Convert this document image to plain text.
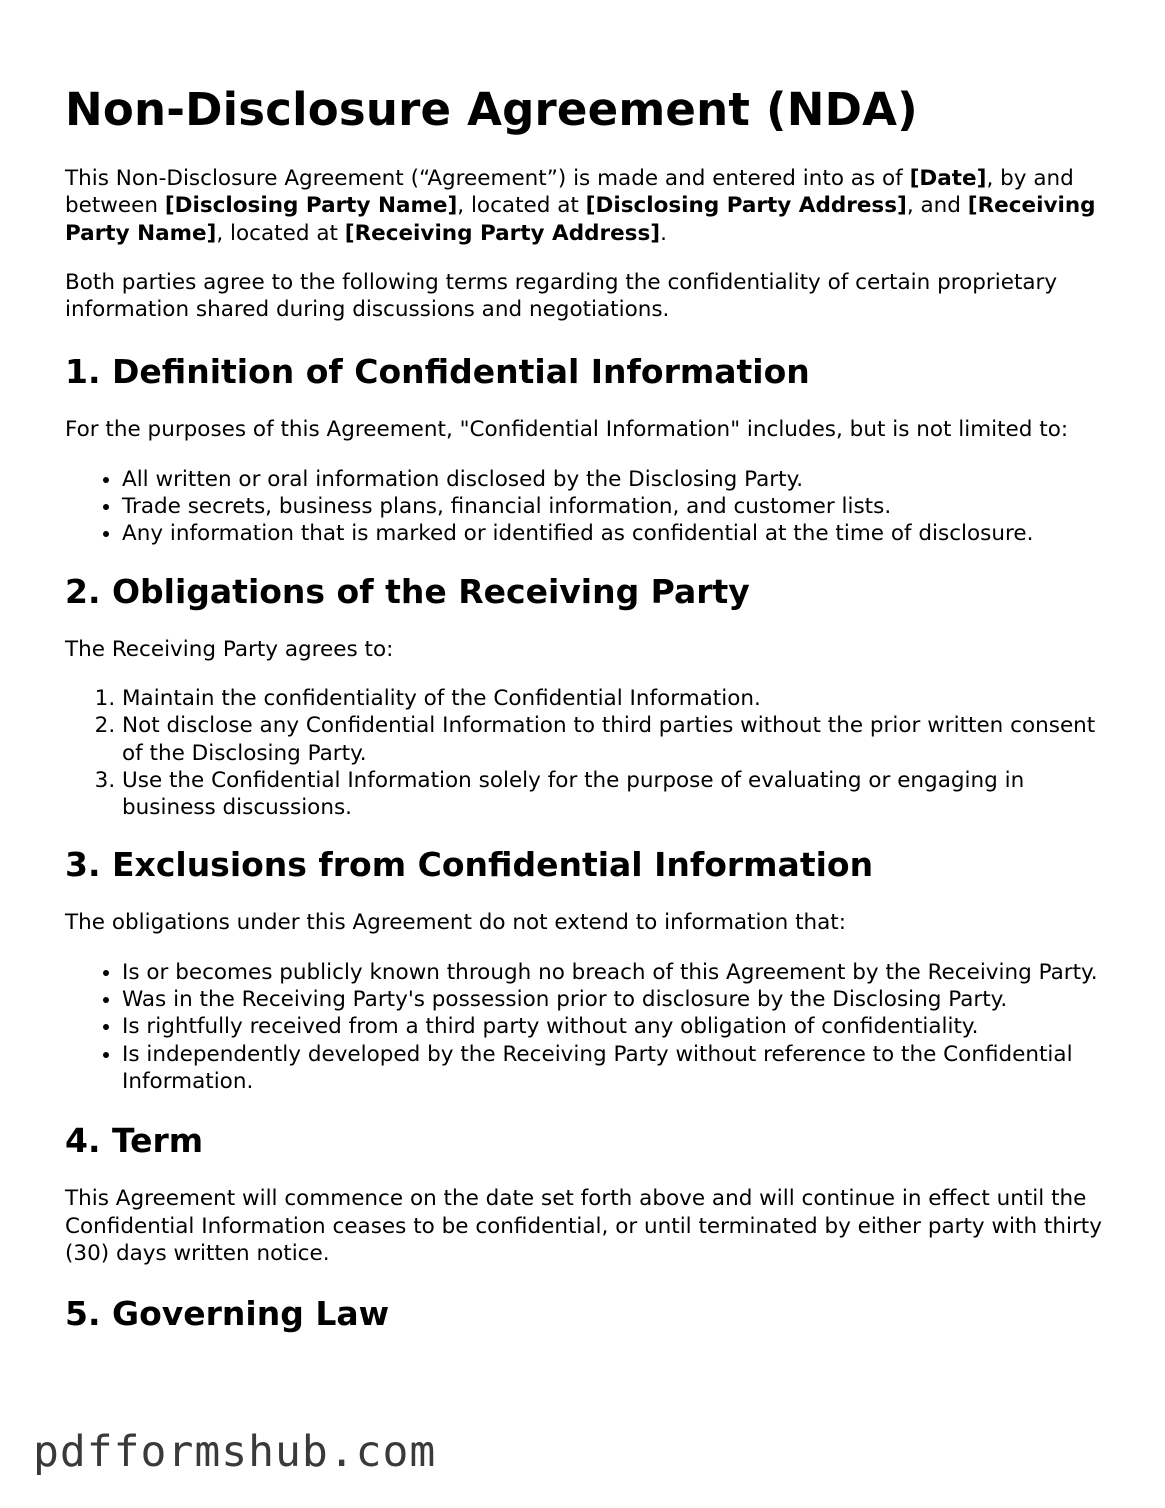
Non-Disclosure Agreement (NDA)

This Non-Disclosure Agreement (“Agreement”) is made and entered into as of [Date], by and between [Disclosing Party Name], located at [Disclosing Party Address], and [Receiving Party Name], located at [Receiving Party Address].

Both parties agree to the following terms regarding the confidentiality of certain proprietary information shared during discussions and negotiations.

1. Definition of Confidential Information

For the purposes of this Agreement, "Confidential Information" includes, but is not limited to:

• All written or oral information disclosed by the Disclosing Party.
• Trade secrets, business plans, financial information, and customer lists.
• Any information that is marked or identified as confidential at the time of disclosure.
2. Obligations of the Receiving Party

The Receiving Party agrees to:

1. Maintain the confidentiality of the Confidential Information.
2. Not disclose any Confidential Information to third parties without the prior written consent of the Disclosing Party.
3. Use the Confidential Information solely for the purpose of evaluating or engaging in business discussions.
3. Exclusions from Confidential Information

The obligations under this Agreement do not extend to information that:

• Is or becomes publicly known through no breach of this Agreement by the Receiving Party.
• Was in the Receiving Party's possession prior to disclosure by the Disclosing Party.
• Is rightfully received from a third party without any obligation of confidentiality.
• Is independently developed by the Receiving Party without reference to the Confidential Information.
4. Term

This Agreement will commence on the date set forth above and will continue in effect until the Confidential Information ceases to be confidential, or until terminated by either party with thirty (30) days written notice.

5. Governing Law
pdfformshub.com
